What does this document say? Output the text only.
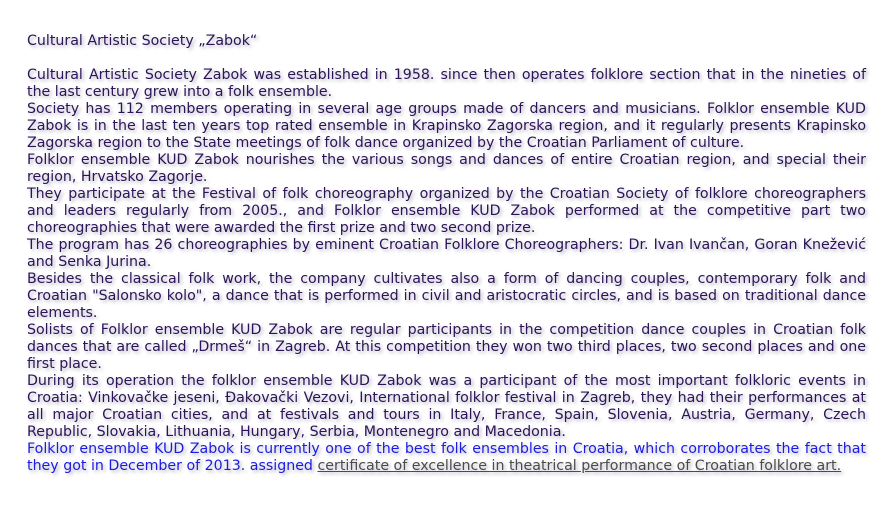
Cultural Artistic Society „Zabok“

Cultural Artistic Society Zabok was established in 1958. since then operates folklore section that in the nineties of the last century grew into a folk ensemble.

Society has 112 members operating in several age groups made of dancers and musicians. Folklor ensemble KUD Zabok is in the last ten years top rated ensemble in Krapinsko Zagorska region, and it regularly presents Krapinsko Zagorska region to the State meetings of folk dance organized by the Croatian Parliament of culture.

Folklor ensemble KUD Zabok nourishes the various songs and dances of entire Croatian region, and special their region, Hrvatsko Zagorje.

They participate at the Festival of folk choreography organized by the Croatian Society of folklore choreographers and leaders regularly from 2005., and Folklor ensemble KUD Zabok performed at the competitive part two choreographies that were awarded the first prize and two second prize.

The program has 26 choreographies by eminent Croatian Folklore Choreographers: Dr. Ivan Ivančan, Goran Knežević and Senka Jurina.

Besides the classical folk work, the company cultivates also a form of dancing couples, contemporary folk and Croatian "Salonsko kolo", a dance that is performed in civil and aristocratic circles, and is based on traditional dance elements.

Solists of Folklor ensemble KUD Zabok are regular participants in the competition dance couples in Croatian folk dances that are called „Drmeš“ in Zagreb. At this competition they won two third places, two second places and one first place.

During its operation the folklor ensemble KUD Zabok was a participant of the most important folkloric events in Croatia: Vinkovačke jeseni, Đakovački Vezovi, International folklor festival in Zagreb, they had their performances at all major Croatian cities, and at festivals and tours in Italy, France, Spain, Slovenia, Austria, Germany, Czech Republic, Slovakia, Lithuania, Hungary, Serbia, Montenegro and Macedonia.

Folklor ensemble KUD Zabok is currently one of the best folk ensembles in Croatia, which corroborates the fact that they got in December of 2013. assigned certificate of excellence in theatrical performance of Croatian folklore art.
